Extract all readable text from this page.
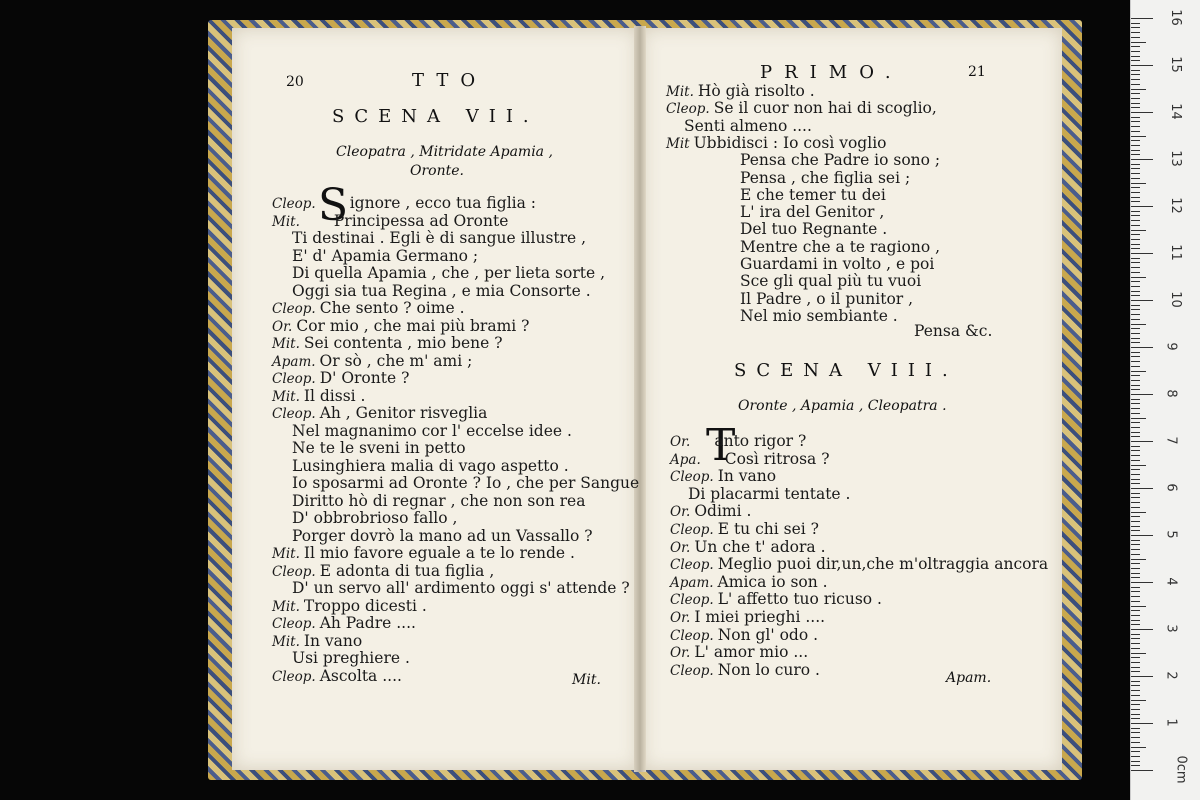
20	TTO
SCENA VII.
Cleopatra , Mitridate Apamia ,
Oronte.
S
Cleop. ignore , ecco tua figlia :
Mit. Principessa ad Oronte
Ti destinai . Egli è di sangue illustre ,
E' d' Apamia Germano ;
Di quella Apamia , che , per lieta sorte ,
Oggi sia tua Regina , e mia Consorte .
Cleop. Che sento ? oime .
Or. Cor mio , che mai più brami ?
Mit. Sei contenta , mio bene ?
Apam. Or sò , che m' ami ;
Cleop. D' Oronte ?
Mit. Il dissi .
Cleop. Ah , Genitor risveglia
Nel magnanimo cor l' eccelse idee .
Ne te le sveni in petto
Lusinghiera malia di vago aspetto .
Io sposarmi ad Oronte ? Io , che per Sangue
Diritto hò di regnar , che non son rea
D' obbrobrioso fallo ,
Porger dovrò la mano ad un Vassallo ?
Mit. Il mio favore eguale a te lo rende .
Cleop. E adonta di tua figlia ,
D' un servo all' ardimento oggi s' attende ?
Mit. Troppo dicesti .
Cleop. Ah Padre ....
Mit. In vano
Usi preghiere .
Cleop. Ascolta ....	Mit.
PRIMO.	21
Mit. Hò già risolto .
Cleop. Se il cuor non hai di scoglio,
Senti almeno ....
Mit Ubbidisci : Io così voglio
Pensa che Padre io sono ;
Pensa , che figlia sei ;
E che temer tu dei
L' ira del Genitor ,
Del tuo Regnante .
Mentre che a te ragiono ,
Guardami in volto , e poi
Sce gli qual più tu vuoi
Il Padre , o il punitor ,
Nel mio sembiante .
Pensa &c.
SCENA VIII.
Oronte , Apamia , Cleopatra .
T
Or. anto rigor ?
Apa. Così ritrosa ?
Cleop. In vano
Di placarmi tentate .
Or. Odimi .
Cleop. E tu chi sei ?
Or. Un che t' adora .
Cleop. Meglio puoi dir,un,che m'oltraggia ancora
Apam. Amica io son .
Cleop. L' affetto tuo ricuso .
Or. I miei prieghi ....
Cleop. Non gl' odo .
Or. L' amor mio ...
Cleop. Non lo curo .	Apam.
0cm
1
2
3
4
5
6
7
8
9
10
11
12
13
14
15
16
